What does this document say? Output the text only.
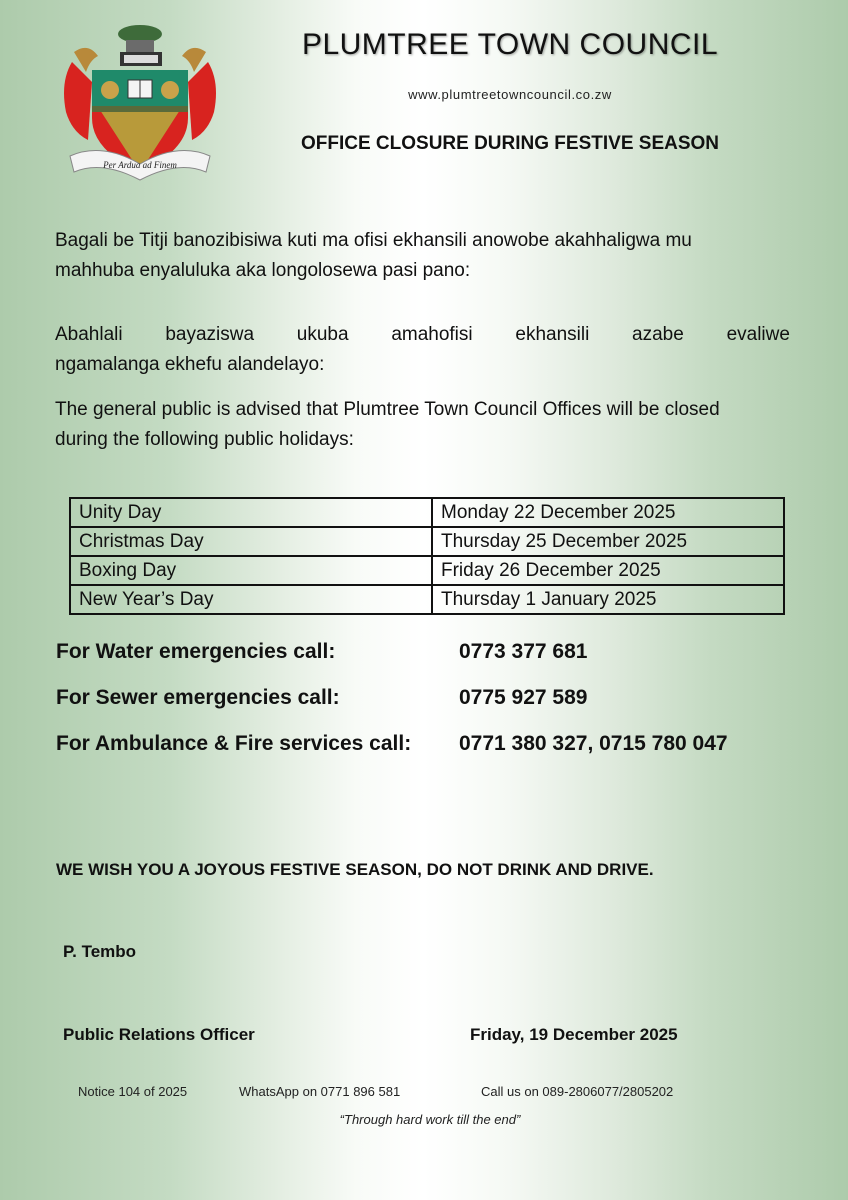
Per Ardua ad Finem
PLUMTREE TOWN COUNCIL
www.plumtreetowncouncil.co.zw
OFFICE CLOSURE DURING FESTIVE SEASON
Bagali be Titji banozibisiwa kuti ma ofisi ekhansili anowobe akahhaligwa mu
mahhuba enyaluluka aka longolosewa pasi pano:
Abahlali bayaziswa ukuba amahofisi ekhansili azabe evaliwe
ngamalanga ekhefu alandelayo:
The general public is advised that Plumtree Town Council Offices will be closed
during the following public holidays:
Unity Day	Monday 22 December 2025
Christmas Day	Thursday 25 December 2025
Boxing Day	Friday 26 December 2025
New Year’s Day	Thursday 1 January 2025
For Water emergencies call:	0773 377 681
For Sewer emergencies call:	0775 927 589
For Ambulance & Fire services call: 0771 380 327, 0715 780 047
WE WISH YOU A JOYOUS FESTIVE SEASON, DO NOT DRINK AND DRIVE.
P. Tembo
Public Relations Officer	Friday, 19 December 2025
Notice 104 of 2025	WhatsApp on 0771 896 581	Call us on 089-2806077/2805202
“Through hard work till the end”
